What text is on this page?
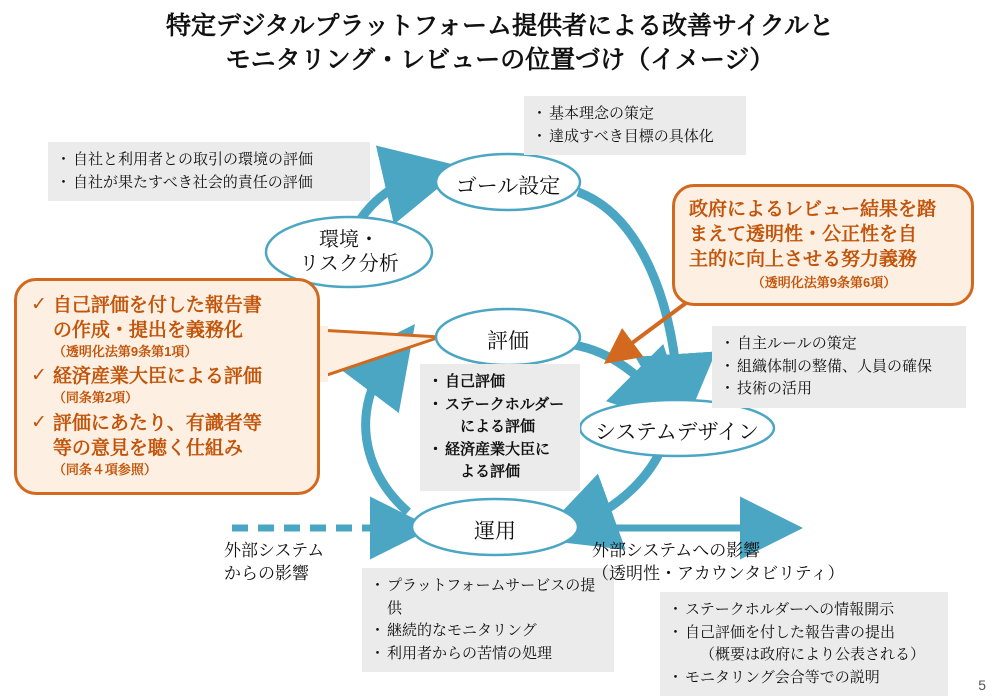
特定デジタルプラットフォーム提供者による改善サイクルと
モニタリング・レビューの位置づけ（イメージ）
ゴール設定
環境・
リスク分析
評価
システムデザイン
運用
・ 基本理念の策定
・ 達成すべき目標の具体化
・ 自社と利用者との取引の環境の評価
・ 自社が果たすべき社会的責任の評価
・ 自己評価
・ ステークホルダー
による評価
・ 経済産業大臣に
よる評価
・ 自主ルールの策定
・ 組織体制の整備、人員の確保
・ 技術の活用
・ プラットフォームサービスの提供
・ 継続的なモニタリング
・ 利用者からの苦情の処理
・ ステークホルダーへの情報開示
・ 自己評価を付した報告書の提出
（概要は政府により公表される）
・ モニタリング会合等での説明
✓ 自己評価を付した報告書
の作成・提出を義務化
（透明化法第9条第1項）
✓ 経済産業大臣による評価
（同条第2項）
✓ 評価にあたり、有識者等
等の意見を聴く仕組み
（同条４項参照）
政府によるレビュー結果を踏
まえて透明性・公正性を自
主的に向上させる努力義務
（透明化法第9条第6項）
外部システム
からの影響
外部システムへの影響
（透明性・アカウンタビリティ）
5
